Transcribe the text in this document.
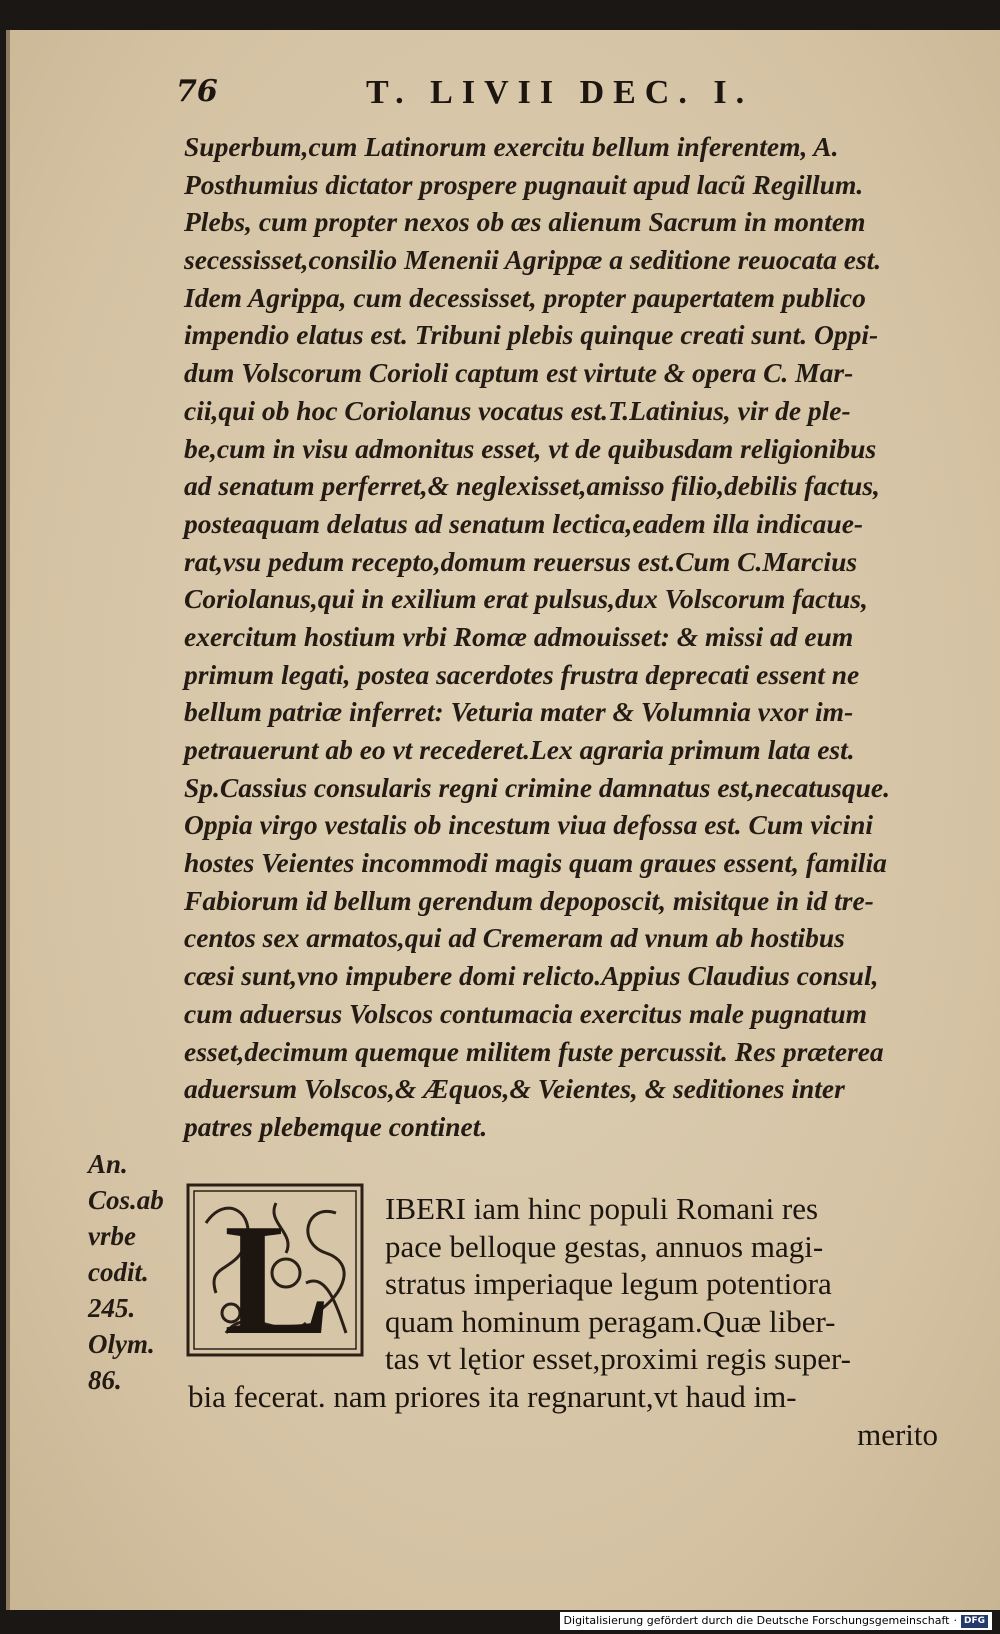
76	T. LIVII DEC. I.
Superbum,cum Latinorum exercitu bellum inferentem, A.
Posthumius dictator prospere pugnauit apud lacũ Regillum.
Plebs, cum propter nexos ob æs alienum Sacrum in montem
secessisset,consilio Menenii Agrippæ a seditione reuocata est.
Idem Agrippa, cum decessisset, propter paupertatem publico
impendio elatus est. Tribuni plebis quinque creati sunt. Oppi-
dum Volscorum Corioli captum est virtute & opera C. Mar-
cii,qui ob hoc Coriolanus vocatus est.T.Latinius, vir de ple-
be,cum in visu admonitus esset, vt de quibusdam religionibus
ad senatum perferret,& neglexisset,amisso filio,debilis factus,
posteaquam delatus ad senatum lectica,eadem illa indicaue-
rat,vsu pedum recepto,domum reuersus est.Cum C.Marcius
Coriolanus,qui in exilium erat pulsus,dux Volscorum factus,
exercitum hostium vrbi Romæ admouisset: & missi ad eum
primum legati, postea sacerdotes frustra deprecati essent ne
bellum patriæ inferret: Veturia mater & Volumnia vxor im-
petrauerunt ab eo vt recederet.Lex agraria primum lata est.
Sp.Cassius consularis regni crimine damnatus est,necatusque.
Oppia virgo vestalis ob incestum viua defossa est. Cum vicini
hostes Veientes incommodi magis quam graues essent, familia
Fabiorum id bellum gerendum depoposcit, misitque in id tre-
centos sex armatos,qui ad Cremeram ad vnum ab hostibus
cæsi sunt,vno impubere domi relicto.Appius Claudius consul,
cum aduersus Volscos contumacia exercitus male pugnatum
esset,decimum quemque militem fuste percussit. Res præterea
aduersum Volscos,& Æquos,& Veientes, & seditiones inter
patres plebemque continet.
An.
Cos.ab
vrbe
codit.
245.
Olym.
86.
L IBERI iam hinc populi Romani res
pace belloque gestas, annuos magi-
stratus imperiaque legum potentiora
quam hominum peragam.Quæ liber-
tas vt lętior esset,proximi regis super-
bia fecerat. nam priores ita regnarunt,vt haud im-
merito
Digitalisierung gefördert durch die Deutsche Forschungsgemeinschaft · DFG
